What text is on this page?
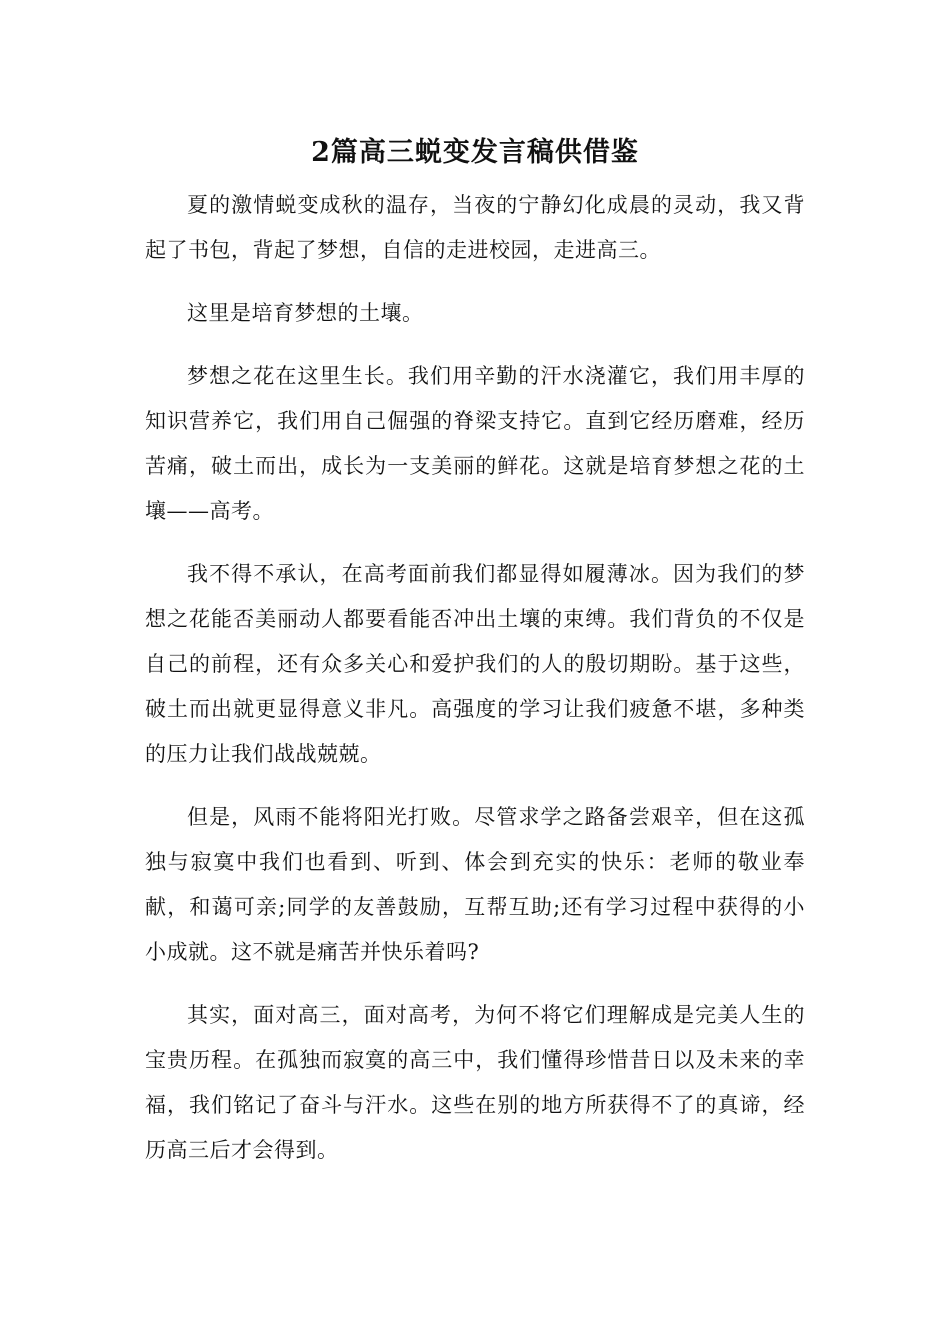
2篇高三蜕变发言稿供借鉴

夏的激情蜕变成秋的温存，当夜的宁静幻化成晨的灵动，我又背起了书包，背起了梦想，自信的走进校园，走进高三。

这里是培育梦想的土壤。

梦想之花在这里生长。我们用辛勤的汗水浇灌它，我们用丰厚的知识营养它，我们用自己倔强的脊梁支持它。直到它经历磨难，经历苦痛，破土而出，成长为一支美丽的鲜花。这就是培育梦想之花的土壤——高考。

我不得不承认，在高考面前我们都显得如履薄冰。因为我们的梦想之花能否美丽动人都要看能否冲出土壤的束缚。我们背负的不仅是自己的前程，还有众多关心和爱护我们的人的殷切期盼。基于这些，破土而出就更显得意义非凡。高强度的学习让我们疲惫不堪，多种类的压力让我们战战兢兢。

但是，风雨不能将阳光打败。尽管求学之路备尝艰辛，但在这孤独与寂寞中我们也看到、听到、体会到充实的快乐：老师的敬业奉献，和蔼可亲;同学的友善鼓励，互帮互助;还有学习过程中获得的小小成就。这不就是痛苦并快乐着吗?

其实，面对高三，面对高考，为何不将它们理解成是完美人生的宝贵历程。在孤独而寂寞的高三中，我们懂得珍惜昔日以及未来的幸福，我们铭记了奋斗与汗水。这些在别的地方所获得不了的真谛，经历高三后才会得到。
